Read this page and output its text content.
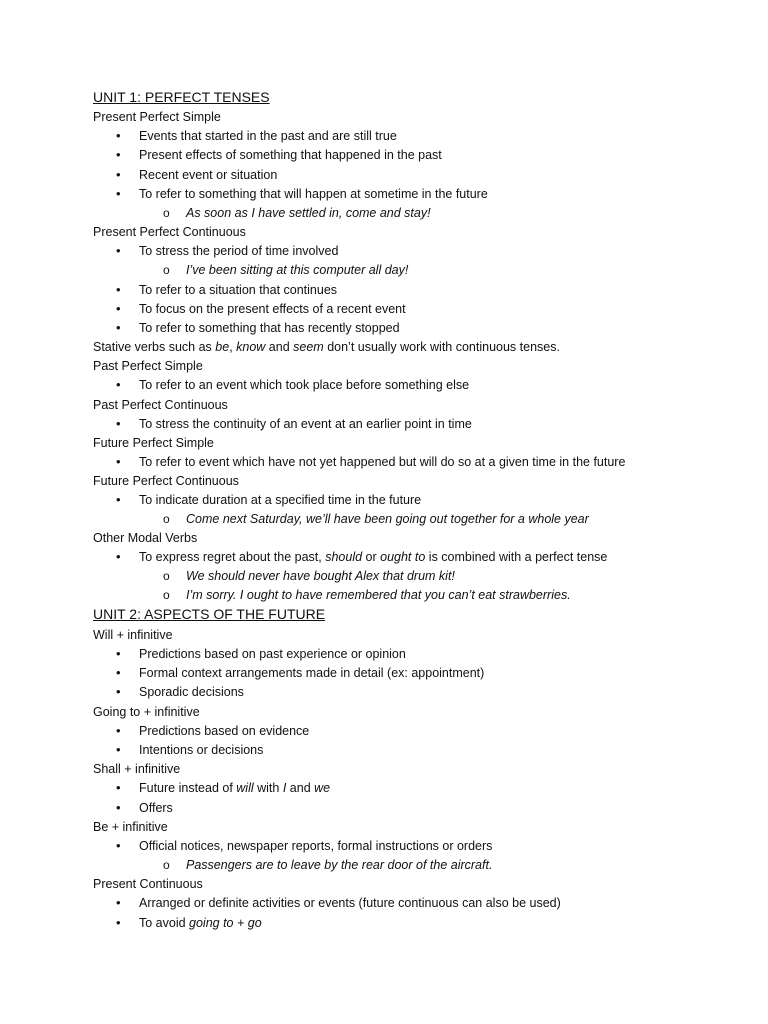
UNIT 1: PERFECT TENSES
Present Perfect Simple
• Events that started in the past and are still true
• Present effects of something that happened in the past
• Recent event or situation
• To refer to something that will happen at sometime in the future
o As soon as I have settled in, come and stay!
Present Perfect Continuous
• To stress the period of time involved
o I’ve been sitting at this computer all day!
• To refer to a situation that continues
• To focus on the present effects of a recent event
• To refer to something that has recently stopped
Stative verbs such as be, know and seem don’t usually work with continuous tenses.
Past Perfect Simple
• To refer to an event which took place before something else
Past Perfect Continuous
• To stress the continuity of an event at an earlier point in time
Future Perfect Simple
• To refer to event which have not yet happened but will do so at a given time in the future
Future Perfect Continuous
• To indicate duration at a specified time in the future
o Come next Saturday, we’ll have been going out together for a whole year
Other Modal Verbs
• To express regret about the past, should or ought to is combined with a perfect tense
o We should never have bought Alex that drum kit!
o I’m sorry. I ought to have remembered that you can’t eat strawberries.
UNIT 2: ASPECTS OF THE FUTURE
Will + infinitive
• Predictions based on past experience or opinion
• Formal context arrangements made in detail (ex: appointment)
• Sporadic decisions
Going to + infinitive
• Predictions based on evidence
• Intentions or decisions
Shall + infinitive
• Future instead of will with I and we
• Offers
Be + infinitive
• Official notices, newspaper reports, formal instructions or orders
o Passengers are to leave by the rear door of the aircraft.
Present Continuous
• Arranged or definite activities or events (future continuous can also be used)
• To avoid going to + go
